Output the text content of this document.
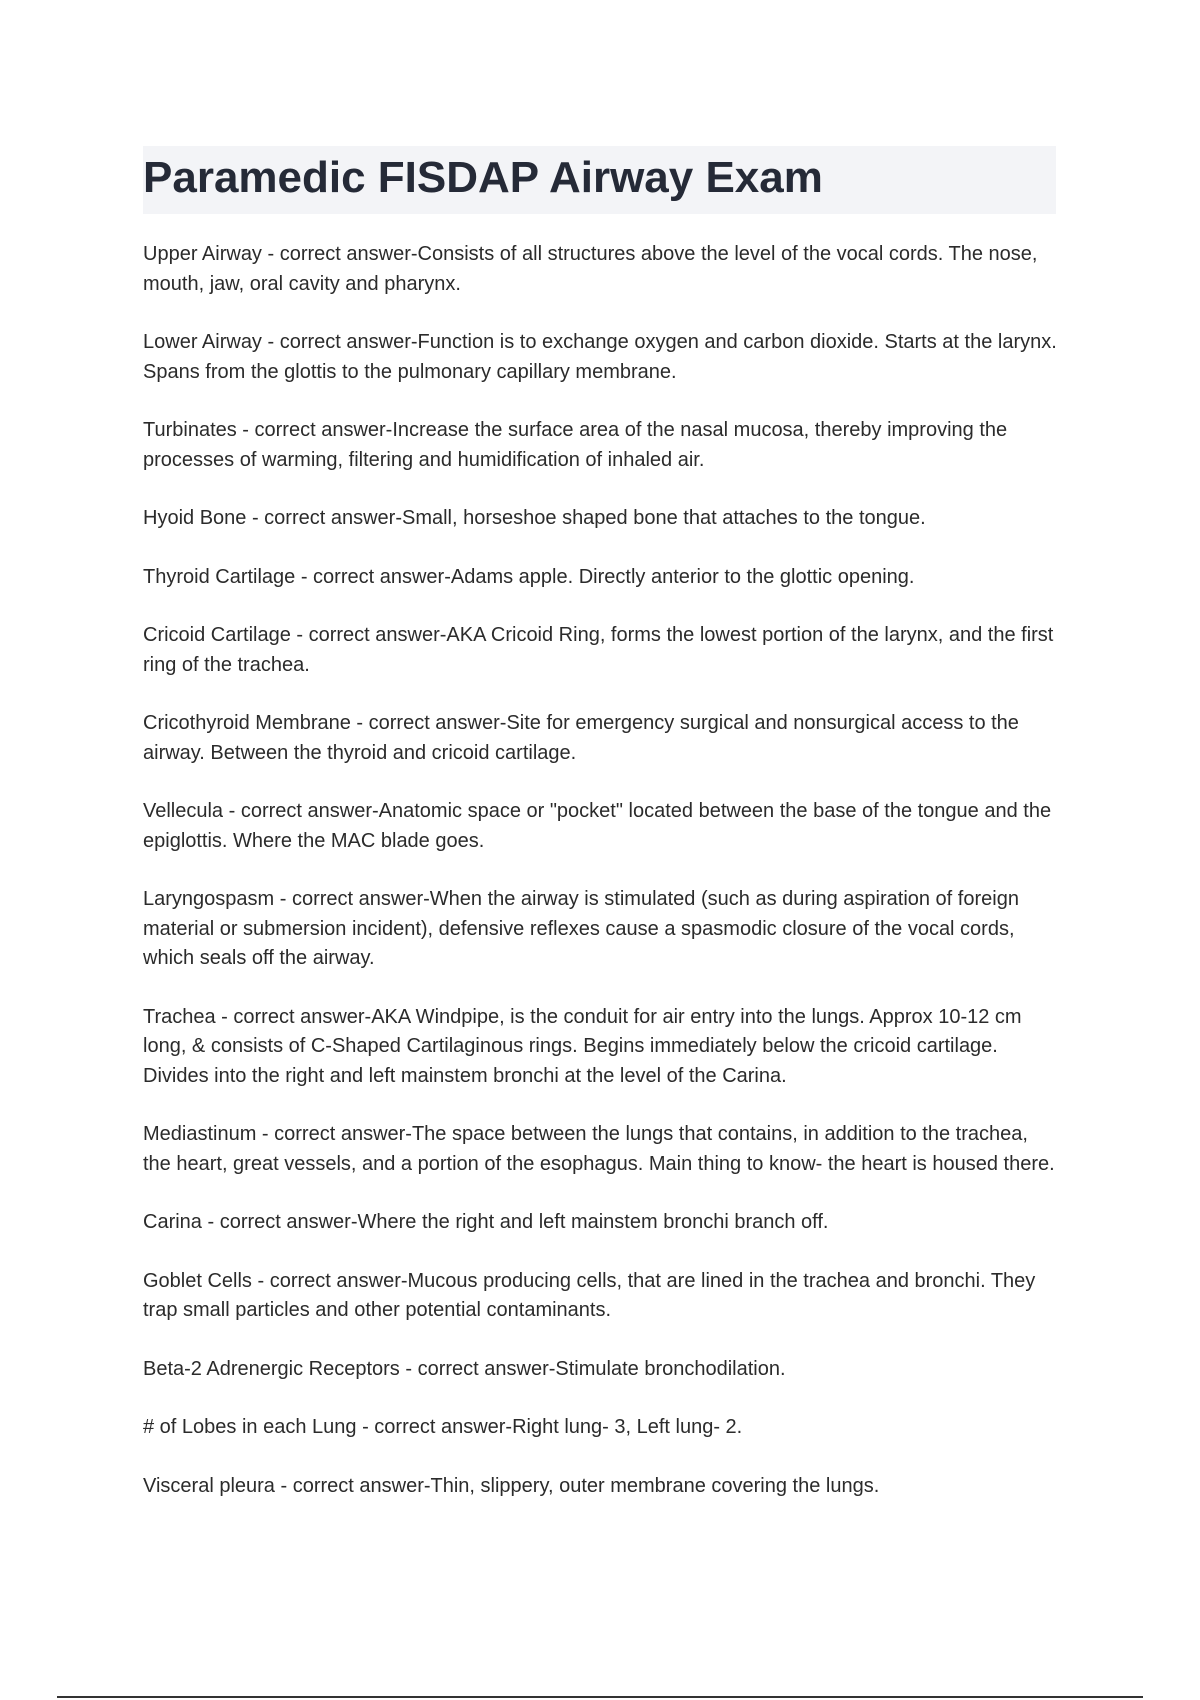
Paramedic FISDAP Airway Exam

Upper Airway - correct answer-Consists of all structures above the level of the vocal cords. The nose, mouth, jaw, oral cavity and pharynx.

Lower Airway - correct answer-Function is to exchange oxygen and carbon dioxide. Starts at the larynx. Spans from the glottis to the pulmonary capillary membrane.

Turbinates - correct answer-Increase the surface area of the nasal mucosa, thereby improving the processes of warming, filtering and humidification of inhaled air.

Hyoid Bone - correct answer-Small, horseshoe shaped bone that attaches to the tongue.

Thyroid Cartilage - correct answer-Adams apple. Directly anterior to the glottic opening.

Cricoid Cartilage - correct answer-AKA Cricoid Ring, forms the lowest portion of the larynx, and the first ring of the trachea.

Cricothyroid Membrane - correct answer-Site for emergency surgical and nonsurgical access to the airway. Between the thyroid and cricoid cartilage.

Vellecula - correct answer-Anatomic space or "pocket" located between the base of the tongue and the epiglottis. Where the MAC blade goes.

Laryngospasm - correct answer-When the airway is stimulated (such as during aspiration of foreign material or submersion incident), defensive reflexes cause a spasmodic closure of the vocal cords, which seals off the airway.

Trachea - correct answer-AKA Windpipe, is the conduit for air entry into the lungs. Approx 10-12 cm long, & consists of C-Shaped Cartilaginous rings. Begins immediately below the cricoid cartilage. Divides into the right and left mainstem bronchi at the level of the Carina.

Mediastinum - correct answer-The space between the lungs that contains, in addition to the trachea, the heart, great vessels, and a portion of the esophagus. Main thing to know- the heart is housed there.

Carina - correct answer-Where the right and left mainstem bronchi branch off.

Goblet Cells - correct answer-Mucous producing cells, that are lined in the trachea and bronchi. They trap small particles and other potential contaminants.

Beta-2 Adrenergic Receptors - correct answer-Stimulate bronchodilation.

# of Lobes in each Lung - correct answer-Right lung- 3, Left lung- 2.

Visceral pleura - correct answer-Thin, slippery, outer membrane covering the lungs.
